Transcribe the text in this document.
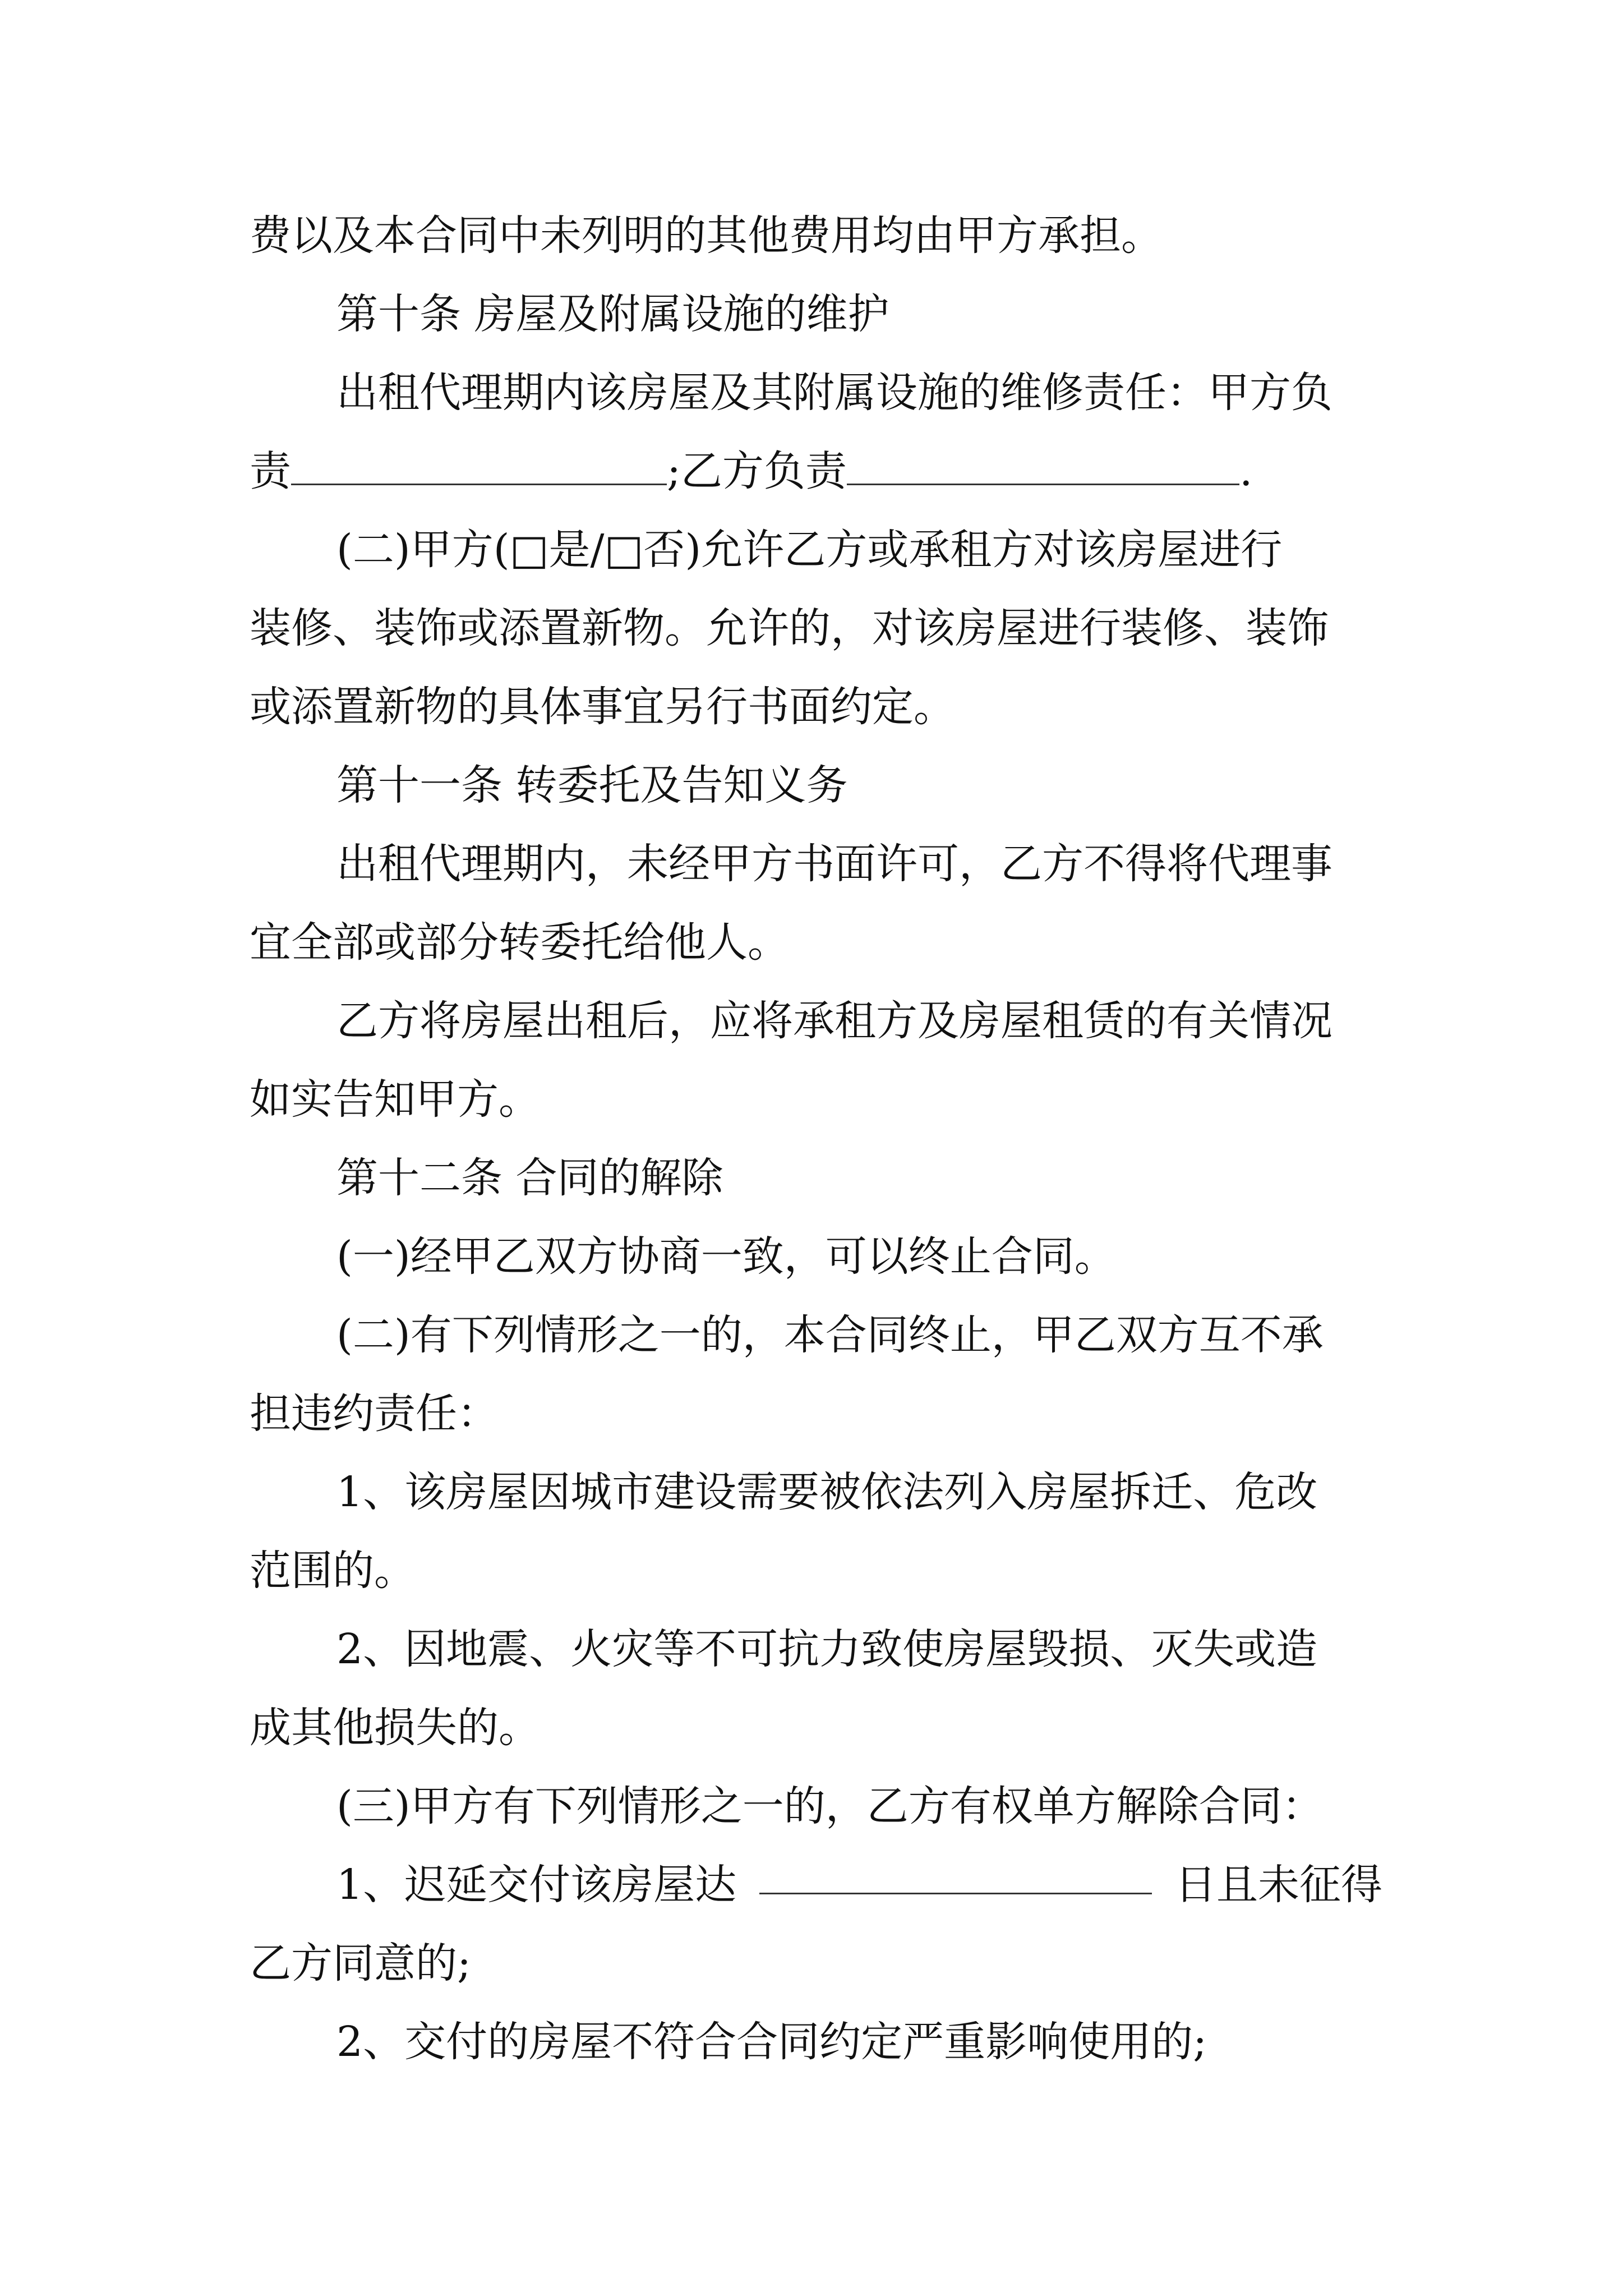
费以及本合同中未列明的其他费用均由甲方承担。
第十条 房屋及附属设施的维护
出租代理期内该房屋及其附属设施的维修责任：甲方负
责	;乙方负责	.
(二)甲方(□是/□否)允许乙方或承租方对该房屋进行
装修、装饰或添置新物。允许的，对该房屋进行装修、装饰
或添置新物的具体事宜另行书面约定。
第十一条 转委托及告知义务
出租代理期内，未经甲方书面许可，乙方不得将代理事
宜全部或部分转委托给他人。
乙方将房屋出租后，应将承租方及房屋租赁的有关情况
如实告知甲方。
第十二条 合同的解除
(一)经甲乙双方协商一致，可以终止合同。
(二)有下列情形之一的，本合同终止，甲乙双方互不承
担违约责任：
1、该房屋因城市建设需要被依法列入房屋拆迁、危改
范围的。
2、因地震、火灾等不可抗力致使房屋毁损、灭失或造
成其他损失的。
(三)甲方有下列情形之一的，乙方有权单方解除合同：
1、迟延交付该房屋达	日且未征得
乙方同意的;
2、交付的房屋不符合合同约定严重影响使用的;
